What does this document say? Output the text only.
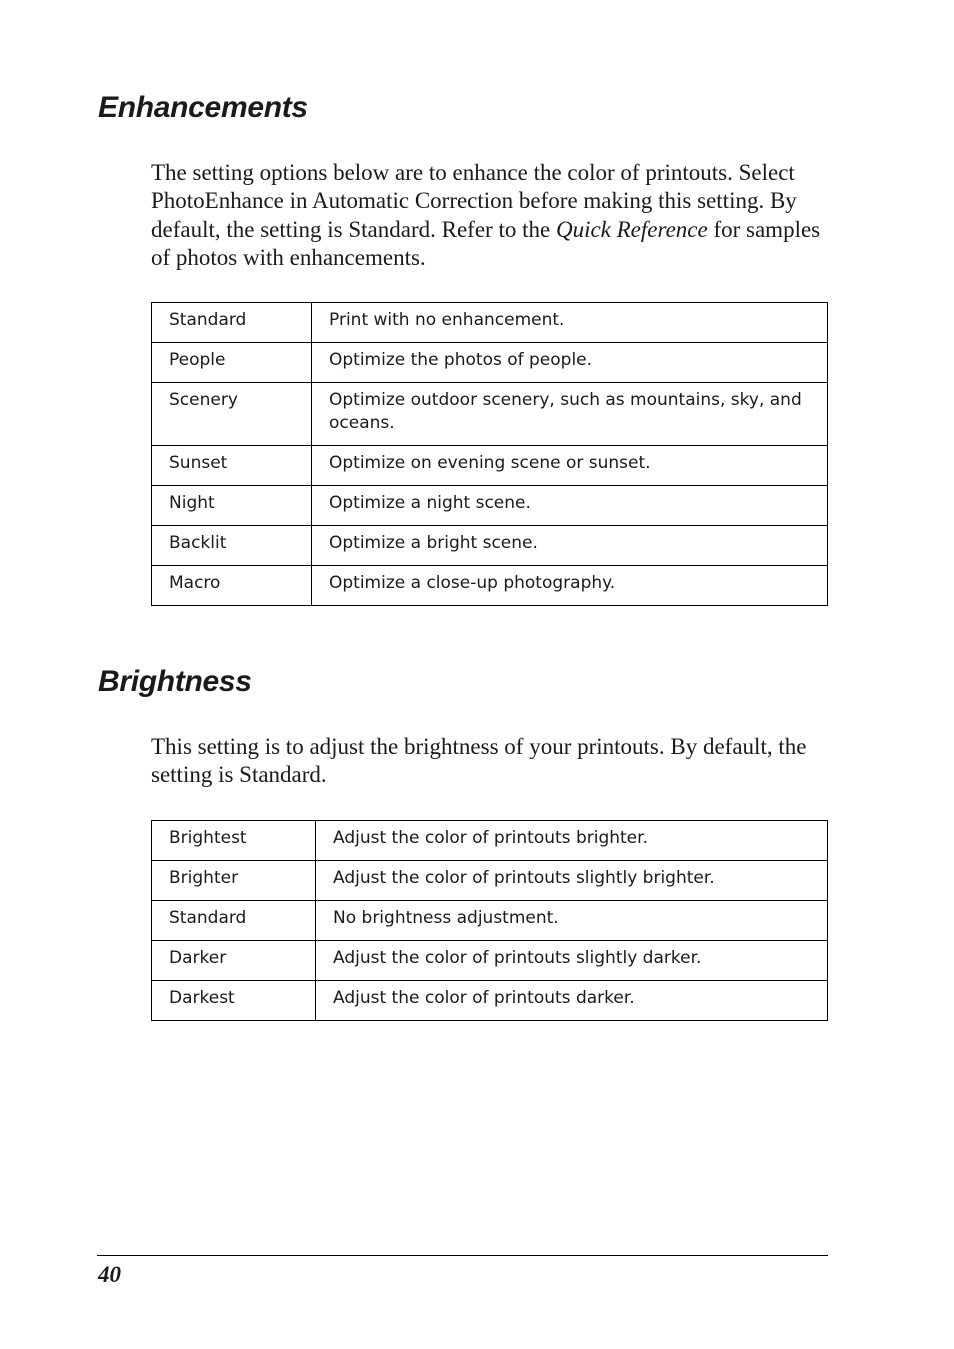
Enhancements

The setting options below are to enhance the color of printouts. Select PhotoEnhance in Automatic Correction before making this setting. By default, the setting is Standard. Refer to the Quick Reference for samples of photos with enhancements.

Standard	Print with no enhancement.
People	Optimize the photos of people.
Scenery	Optimize outdoor scenery, such as mountains, sky, and oceans.
Sunset	Optimize on evening scene or sunset.
Night	Optimize a night scene.
Backlit	Optimize a bright scene.
Macro	Optimize a close-up photography.
Brightness

This setting is to adjust the brightness of your printouts. By default, the setting is Standard.

Brightest	Adjust the color of printouts brighter.
Brighter	Adjust the color of printouts slightly brighter.
Standard	No brightness adjustment.
Darker	Adjust the color of printouts slightly darker.
Darkest	Adjust the color of printouts darker.
40
